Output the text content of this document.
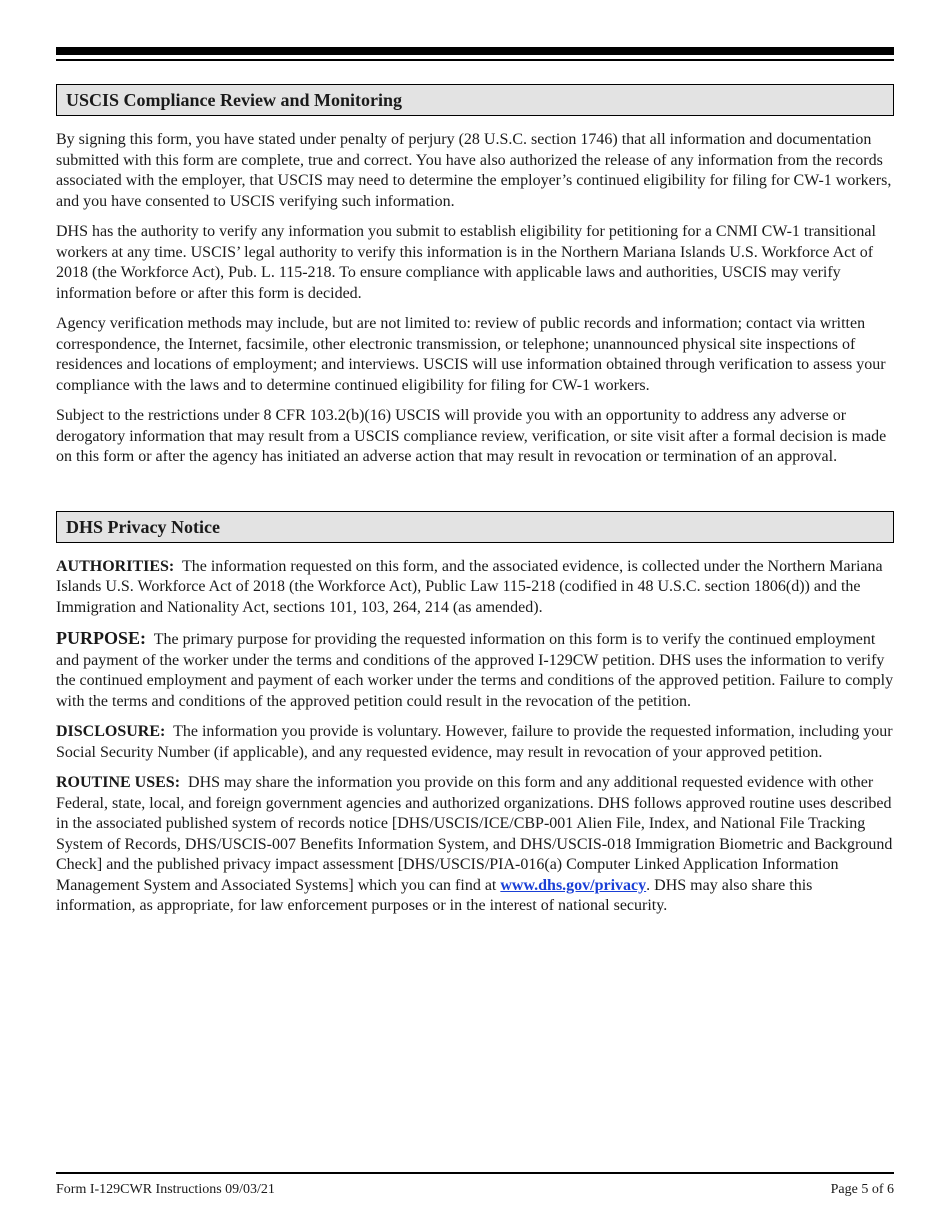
USCIS Compliance Review and Monitoring

By signing this form, you have stated under penalty of perjury (28 U.S.C. section 1746) that all information and documentation submitted with this form are complete, true and correct. You have also authorized the release of any information from the records associated with the employer, that USCIS may need to determine the employer’s continued eligibility for filing for CW-1 workers, and you have consented to USCIS verifying such information.

DHS has the authority to verify any information you submit to establish eligibility for petitioning for a CNMI CW-1 transitional workers at any time. USCIS’ legal authority to verify this information is in the Northern Mariana Islands U.S. Workforce Act of 2018 (the Workforce Act), Pub. L. 115-218. To ensure compliance with applicable laws and authorities, USCIS may verify information before or after this form is decided.

Agency verification methods may include, but are not limited to: review of public records and information; contact via written correspondence, the Internet, facsimile, other electronic transmission, or telephone; unannounced physical site inspections of residences and locations of employment; and interviews. USCIS will use information obtained through verification to assess your compliance with the laws and to determine continued eligibility for filing for CW-1 workers.

Subject to the restrictions under 8 CFR 103.2(b)(16) USCIS will provide you with an opportunity to address any adverse or derogatory information that may result from a USCIS compliance review, verification, or site visit after a formal decision is made on this form or after the agency has initiated an adverse action that may result in revocation or termination of an approval.

DHS Privacy Notice

AUTHORITIES: The information requested on this form, and the associated evidence, is collected under the Northern Mariana Islands U.S. Workforce Act of 2018 (the Workforce Act), Public Law 115-218 (codified in 48 U.S.C. section 1806(d)) and the Immigration and Nationality Act, sections 101, 103, 264, 214 (as amended).

PURPOSE: The primary purpose for providing the requested information on this form is to verify the continued employment and payment of the worker under the terms and conditions of the approved I-129CW petition. DHS uses the information to verify the continued employment and payment of each worker under the terms and conditions of the approved petition. Failure to comply with the terms and conditions of the approved petition could result in the revocation of the petition.

DISCLOSURE: The information you provide is voluntary. However, failure to provide the requested information, including your Social Security Number (if applicable), and any requested evidence, may result in revocation of your approved petition.

ROUTINE USES: DHS may share the information you provide on this form and any additional requested evidence with other Federal, state, local, and foreign government agencies and authorized organizations. DHS follows approved routine uses described in the associated published system of records notice [DHS/USCIS/ICE/CBP-001 Alien File, Index, and National File Tracking System of Records, DHS/USCIS-007 Benefits Information System, and DHS/USCIS-018 Immigration Biometric and Background Check] and the published privacy impact assessment [DHS/USCIS/PIA-016(a) Computer Linked Application Information Management System and Associated Systems] which you can find at www.dhs.gov/privacy. DHS may also share this information, as appropriate, for law enforcement purposes or in the interest of national security.

Form I-129CWR Instructions 09/03/21	Page 5 of 6
